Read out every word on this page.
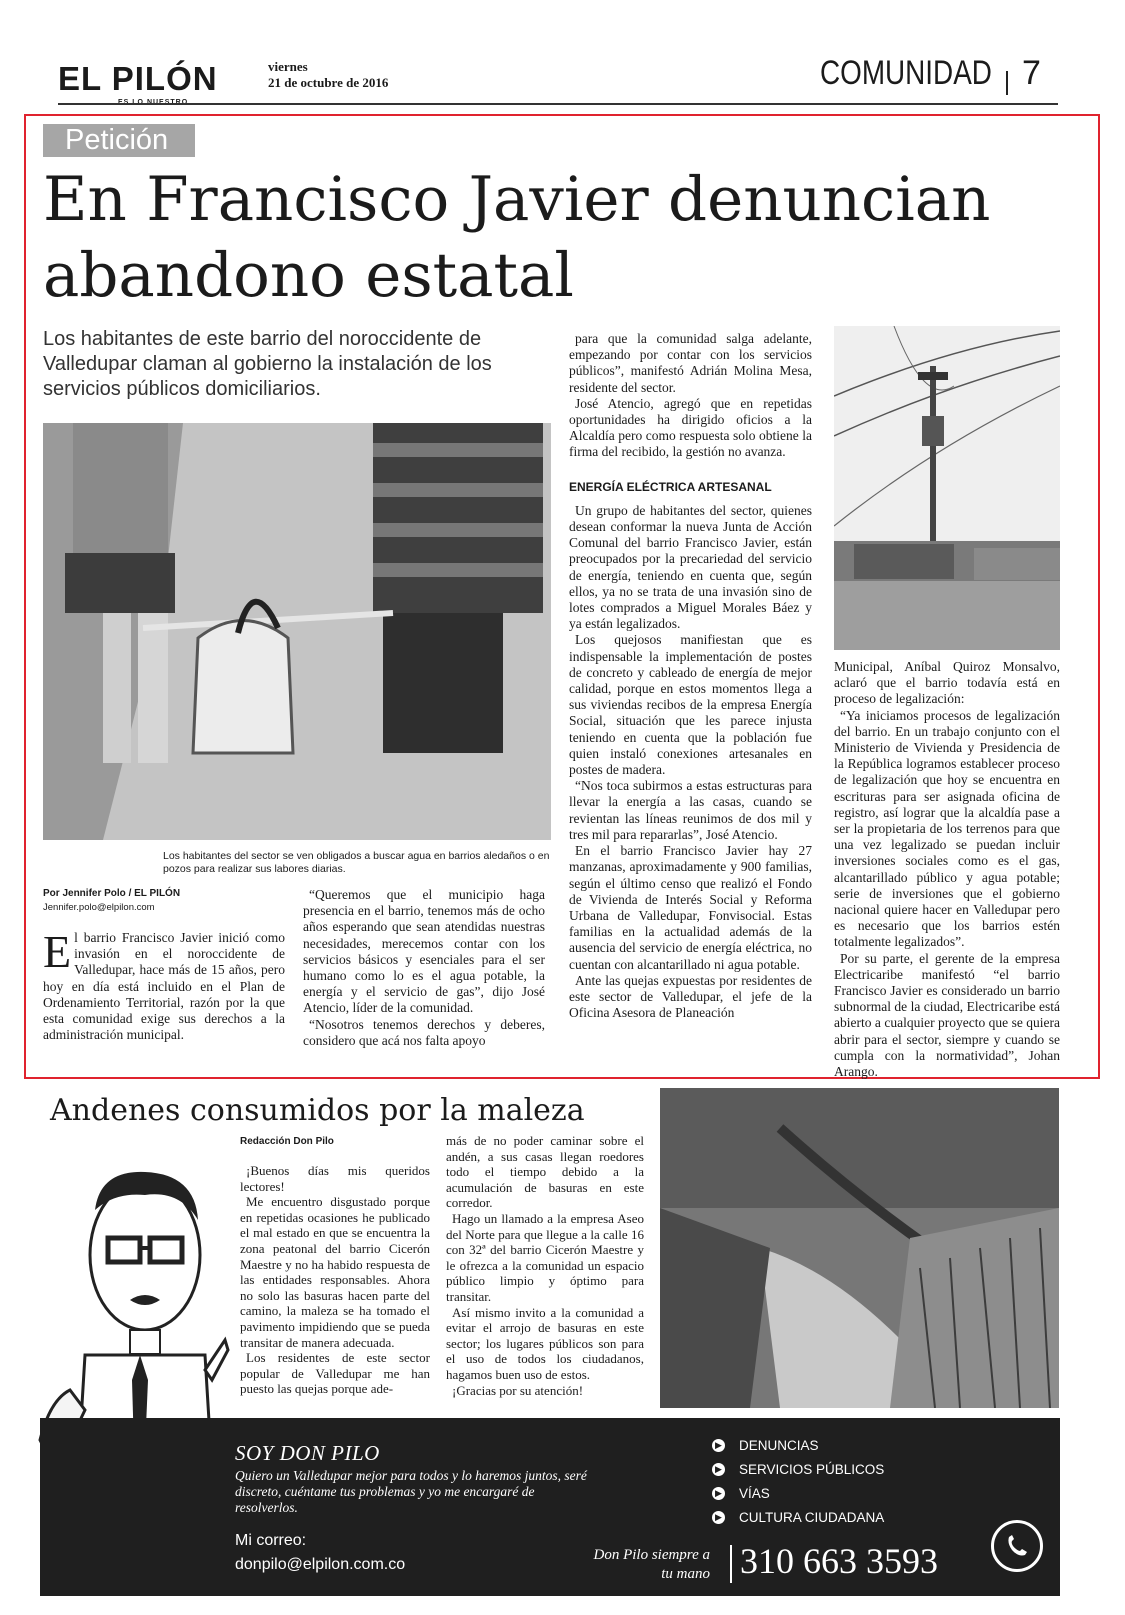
EL PILÓN	viernes
21 de octubre de 2016	COMUNIDAD 7
Petición
En Francisco Javier denuncian abandono estatal
Los habitantes de este barrio del noroccidente de Valledupar claman al gobierno la instalación de los servicios públicos domiciliarios.
Los habitantes del sector se ven obligados a buscar agua en barrios aledaños o en pozos para realizar sus labores diarias.
Por Jennifer Polo / EL PILÓN
Jennifer.polo@elpilon.com

El barrio Francisco Javier inició como invasión en el noroccidente de Valledupar, hace más de 15 años, pero hoy en día está incluido en el Plan de Ordenamiento Territorial, razón por la que esta comunidad exige sus derechos a la administración municipal.

“Queremos que el municipio haga presencia en el barrio, tenemos más de ocho años esperando que sean atendidas nuestras necesidades, merecemos contar con los servicios básicos y esenciales para el ser humano como lo es el agua potable, la energía y el servicio de gas”, dijo José Atencio, líder de la comunidad.

“Nosotros tenemos derechos y deberes, considero que acá nos falta apoyo

para que la comunidad salga adelante, empezando por contar con los servicios públicos”, manifestó Adrián Molina Mesa, residente del sector.

José Atencio, agregó que en repetidas oportunidades ha dirigido oficios a la Alcaldía pero como respuesta solo obtiene la firma del recibido, la gestión no avanza.

ENERGÍA ELÉCTRICA ARTESANAL

Un grupo de habitantes del sector, quienes desean conformar la nueva Junta de Acción Comunal del barrio Francisco Javier, están preocupados por la precariedad del servicio de energía, teniendo en cuenta que, según ellos, ya no se trata de una invasión sino de lotes comprados a Miguel Morales Báez y ya están legalizados.

Los quejosos manifiestan que es indispensable la implementación de postes de concreto y cableado de energía de mejor calidad, porque en estos momentos llega a sus viviendas recibos de la empresa Energía Social, situación que les parece injusta teniendo en cuenta que la población fue quien instaló conexiones artesanales en postes de madera.

“Nos toca subirmos a estas estructuras para llevar la energía a las casas, cuando se revientan las líneas reunimos de dos mil y tres mil para repararlas”, José Atencio.

En el barrio Francisco Javier hay 27 manzanas, aproximadamente y 900 familias, según el último censo que realizó el Fondo de Vivienda de Interés Social y Reforma Urbana de Valledupar, Fonvisocial. Estas familias en la actualidad además de la ausencia del servicio de energía eléctrica, no cuentan con alcantarillado ni agua potable.

Ante las quejas expuestas por residentes de este sector de Valledupar, el jefe de la Oficina Asesora de Planeación

Municipal, Aníbal Quiroz Monsalvo, aclaró que el barrio todavía está en proceso de legalización:

“Ya iniciamos procesos de legalización del barrio. En un trabajo conjunto con el Ministerio de Vivienda y Presidencia de la República logramos establecer proceso de legalización que hoy se encuentra en escrituras para ser asignada oficina de registro, así lograr que la alcaldía pase a ser la propietaria de los terrenos para que una vez legalizado se puedan incluir inversiones sociales como es el gas, alcantarillado público y agua potable; serie de inversiones que el gobierno nacional quiere hacer en Valledupar pero es necesario que los barrios estén totalmente legalizados”.

Por su parte, el gerente de la empresa Electricaribe manifestó “el barrio Francisco Javier es considerado un barrio subnormal de la ciudad, Electricaribe está abierto a cualquier proyecto que se quiera abrir para el sector, siempre y cuando se cumpla con la normatividad”, Johan Arango.

Andenes consumidos por la maleza
Redacción Don Pilo

¡Buenos días mis queridos lectores!

Me encuentro disgustado porque en repetidas ocasiones he publicado el mal estado en que se encuentra la zona peatonal del barrio Cicerón Maestre y no ha habido respuesta de las entidades responsables. Ahora no solo las basuras hacen parte del camino, la maleza se ha tomado el pavimento impidiendo que se pueda transitar de manera adecuada.

Los residentes de este sector popular de Valledupar me han puesto las quejas porque ade-

más de no poder caminar sobre el andén, a sus casas llegan roedores todo el tiempo debido a la acumulación de basuras en este corredor.

Hago un llamado a la empresa Aseo del Norte para que llegue a la calle 16 con 32ª del barrio Cicerón Maestre y le ofrezca a la comunidad un espacio público limpio y óptimo para transitar.

Así mismo invito a la comunidad a evitar el arrojo de basuras en este sector; los lugares públicos son para el uso de todos los ciudadanos, hagamos buen uso de estos.

¡Gracias por su atención!

SOY DON PILO
Quiero un Valledupar mejor para todos y lo haremos juntos, seré discreto, cuéntame tus problemas y yo me encargaré de resolverlos.
Mi correo:
donpilo@elpilon.com.co
▶ DENUNCIAS
▶ SERVICIOS PÚBLICOS
▶ VÍAS
▶ CULTURA CIUDADANA
Don Pilo siempre a
tu mano 310 663 3593
